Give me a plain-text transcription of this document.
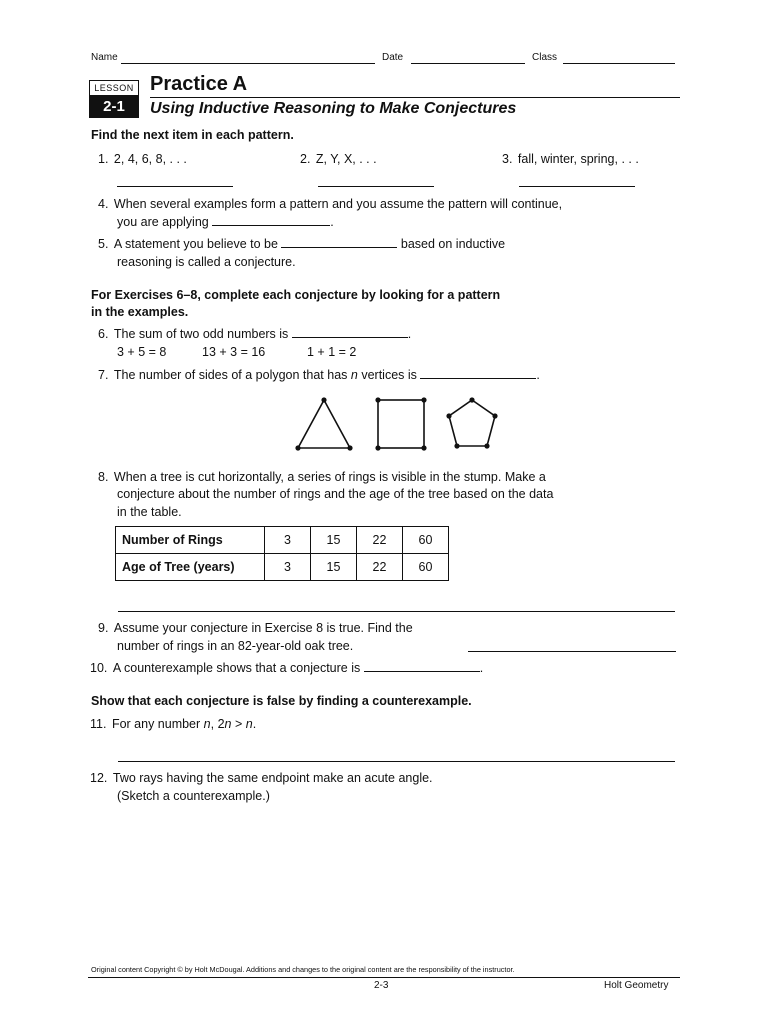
Name	Date	Class
LESSON
2-1
Practice A
Using Inductive Reasoning to Make Conjectures
Find the next item in each pattern.
1. 2, 4, 6, 8, . . .	2. Z, Y, X, . . .	3. fall, winter, spring, . . .
4. When several examples form a pattern and you assume the pattern will continue,
you are applying	.
5. A statement you believe to be	based on inductive
reasoning is called a conjecture.
For Exercises 6–8, complete each conjecture by looking for a pattern
in the examples.
6. The sum of two odd numbers is	.
3 + 5 = 8	13 + 3 = 16	1 + 1 = 2
7. The number of sides of a polygon that has n vertices is	.
8. When a tree is cut horizontally, a series of rings is visible in the stump. Make a
conjecture about the number of rings and the age of the tree based on the data
in the table.
Number of Rings	3	15	22	60
Age of Tree (years)	3	15	22	60
9. Assume your conjecture in Exercise 8 is true. Find the
number of rings in an 82-year-old oak tree.
10. A counterexample shows that a conjecture is	.
Show that each conjecture is false by finding a counterexample.
11. For any number n, 2n > n.
12. Two rays having the same endpoint make an acute angle.
(Sketch a counterexample.)
Original content Copyright © by Holt McDougal. Additions and changes to the original content are the responsibility of the instructor.
2-3	Holt Geometry
